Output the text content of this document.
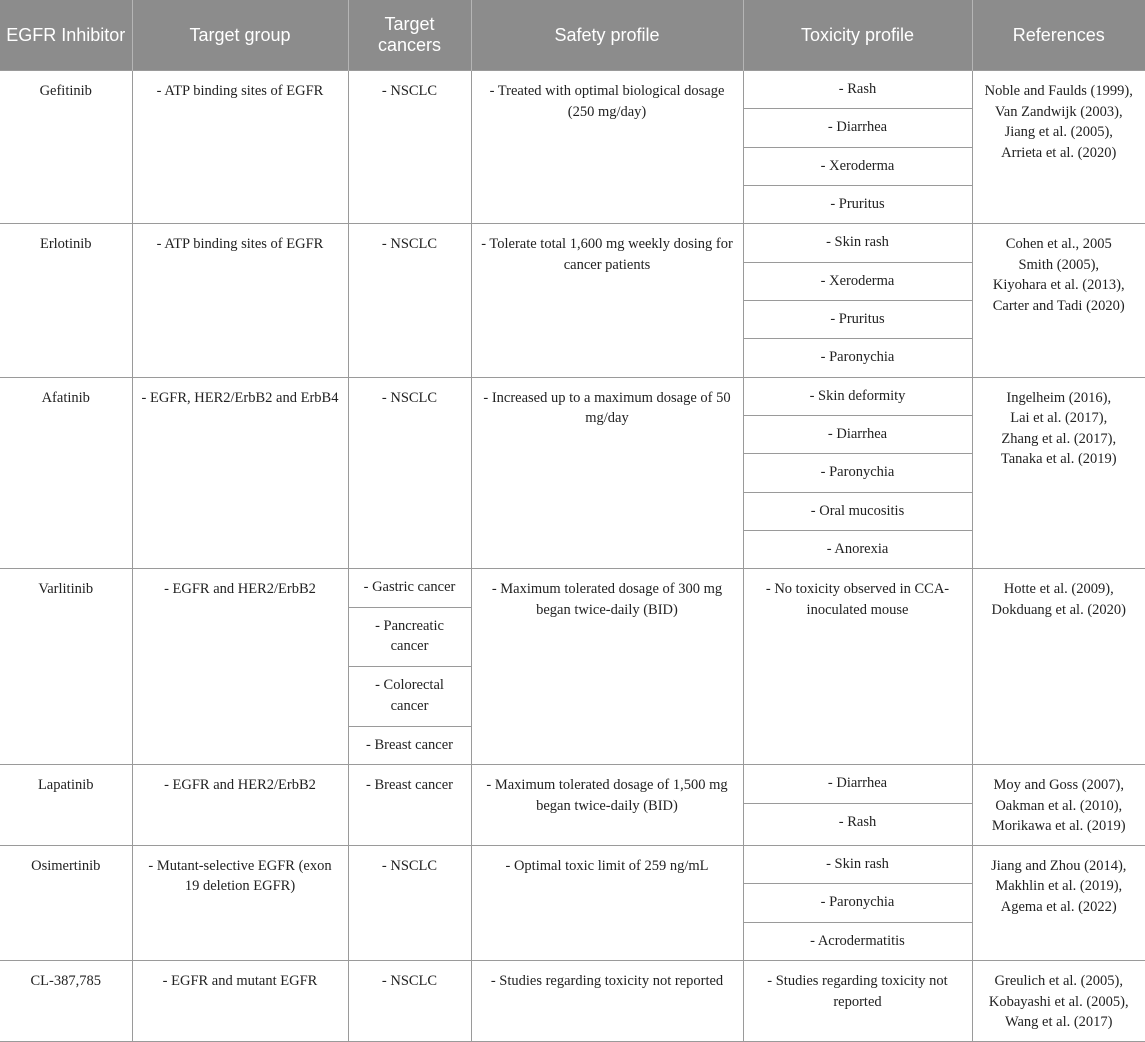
EGFR Inhibitor	Target group	Target cancers	Safety profile	Toxicity profile	References
Gefitinib	- ATP binding sites of EGFR	- NSCLC	- Treated with optimal biological dosage (250 mg/day)	- Rash	Noble and Faulds (1999),
Van Zandwijk (2003),
Jiang et al. (2005),
Arrieta et al. (2020)

				- Diarrhea	
				- Xeroderma	
				- Pruritus	
Erlotinib	- ATP binding sites of EGFR	- NSCLC	- Tolerate total 1,600 mg weekly dosing for cancer patients	- Skin rash	Cohen et al., 2005
Smith (2005),
Kiyohara et al. (2013),
Carter and Tadi (2020)

				- Xeroderma	
				- Pruritus	
				- Paronychia	
Afatinib	- EGFR, HER2/ErbB2 and ErbB4	- NSCLC	- Increased up to a maximum dosage of 50 mg/day	- Skin deformity	Ingelheim (2016),
Lai et al. (2017),
Zhang et al. (2017),
Tanaka et al. (2019)

				- Diarrhea	
				- Paronychia	
				- Oral mucositis	
				- Anorexia	
Varlitinib	- EGFR and HER2/ErbB2	- Gastric cancer	- Maximum tolerated dosage of 300 mg began twice-daily (BID)	- No toxicity observed in CCA-inoculated mouse	Hotte et al. (2009),
Dokduang et al. (2020)

		- Pancreatic cancer			
		- Colorectal cancer			
		- Breast cancer			
Lapatinib	- EGFR and HER2/ErbB2	- Breast cancer	- Maximum tolerated dosage of 1,500 mg began twice-daily (BID)	- Diarrhea	Moy and Goss (2007),
Oakman et al. (2010),
Morikawa et al. (2019)

				- Rash	
Osimertinib	- Mutant-selective EGFR (exon 19 deletion EGFR)	- NSCLC	- Optimal toxic limit of 259 ng/mL	- Skin rash	Jiang and Zhou (2014),
Makhlin et al. (2019),
Agema et al. (2022)

				- Paronychia	
				- Acrodermatitis	
CL-387,785	- EGFR and mutant EGFR	- NSCLC	- Studies regarding toxicity not reported	- Studies regarding toxicity not reported	Greulich et al. (2005),
Kobayashi et al. (2005),
Wang et al. (2017)
